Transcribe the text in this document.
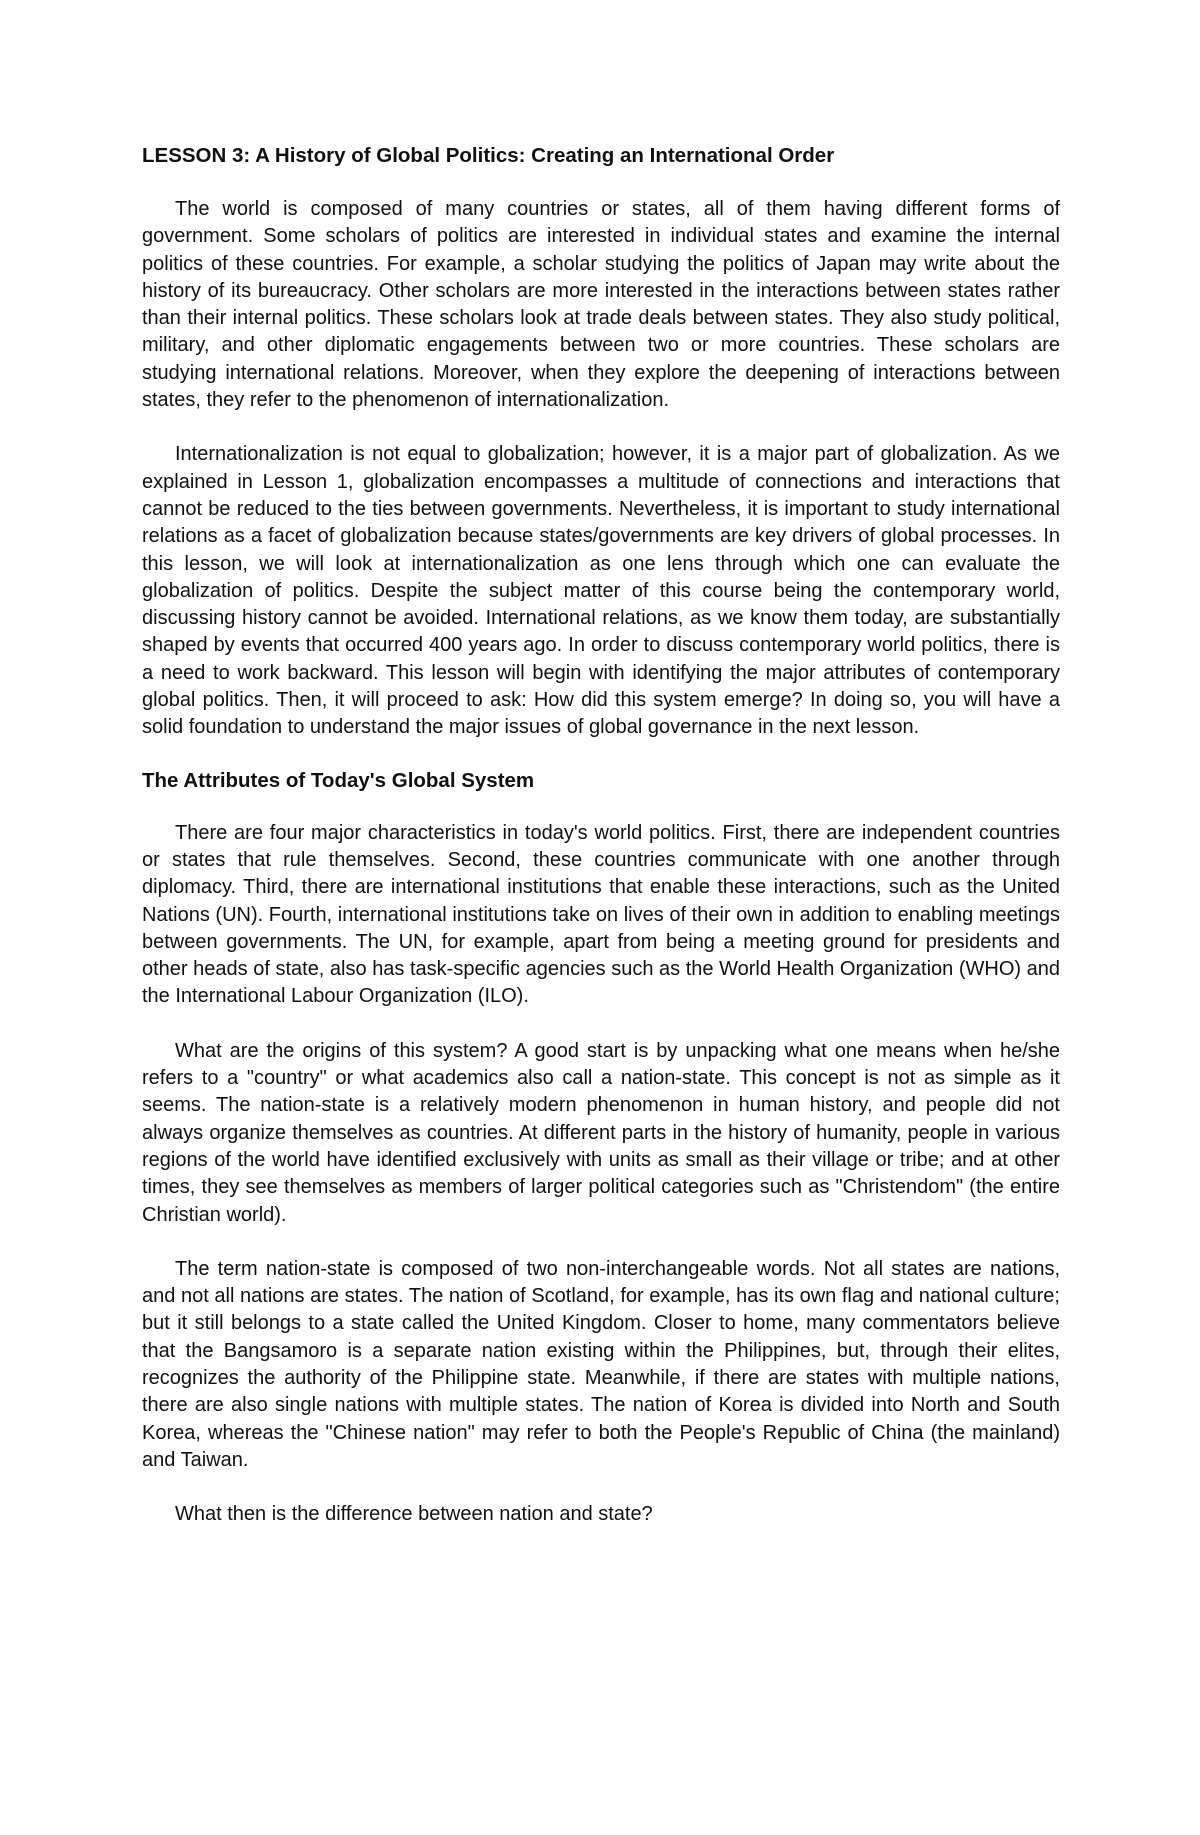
LESSON 3: A History of Global Politics: Creating an International Order

The world is composed of many countries or states, all of them having different forms of government. Some scholars of politics are interested in individual states and examine the internal politics of these countries. For example, a scholar studying the politics of Japan may write about the history of its bureaucracy. Other scholars are more interested in the interactions between states rather than their internal politics. These scholars look at trade deals between states. They also study political, military, and other diplomatic engagements between two or more countries. These scholars are studying international relations. Moreover, when they explore the deepening of interactions between states, they refer to the phenomenon of internationalization.

Internationalization is not equal to globalization; however, it is a major part of globalization. As we explained in Lesson 1, globalization encompasses a multitude of connections and interactions that cannot be reduced to the ties between governments. Nevertheless, it is important to study international relations as a facet of globalization because states/governments are key drivers of global processes. In this lesson, we will look at internationalization as one lens through which one can evaluate the globalization of politics. Despite the subject matter of this course being the contemporary world, discussing history cannot be avoided. International relations, as we know them today, are substantially shaped by events that occurred 400 years ago. In order to discuss contemporary world politics, there is a need to work backward. This lesson will begin with identifying the major attributes of contemporary global politics. Then, it will proceed to ask: How did this system emerge? In doing so, you will have a solid foundation to understand the major issues of global governance in the next lesson.

The Attributes of Today's Global System

There are four major characteristics in today's world politics. First, there are independent countries or states that rule themselves. Second, these countries communicate with one another through diplomacy. Third, there are international institutions that enable these interactions, such as the United Nations (UN). Fourth, international institutions take on lives of their own in addition to enabling meetings between governments. The UN, for example, apart from being a meeting ground for presidents and other heads of state, also has task-specific agencies such as the World Health Organization (WHO) and the International Labour Organization (ILO).

What are the origins of this system? A good start is by unpacking what one means when he/she refers to a "country" or what academics also call a nation-state. This concept is not as simple as it seems. The nation-state is a relatively modern phenomenon in human history, and people did not always organize themselves as countries. At different parts in the history of humanity, people in various regions of the world have identified exclusively with units as small as their village or tribe; and at other times, they see themselves as members of larger political categories such as "Christendom" (the entire Christian world).

The term nation-state is composed of two non-interchangeable words. Not all states are nations, and not all nations are states. The nation of Scotland, for example, has its own flag and national culture; but it still belongs to a state called the United Kingdom. Closer to home, many commentators believe that the Bangsamoro is a separate nation existing within the Philippines, but, through their elites, recognizes the authority of the Philippine state. Meanwhile, if there are states with multiple nations, there are also single nations with multiple states. The nation of Korea is divided into North and South Korea, whereas the "Chinese nation" may refer to both the People's Republic of China (the mainland) and Taiwan.

What then is the difference between nation and state?
